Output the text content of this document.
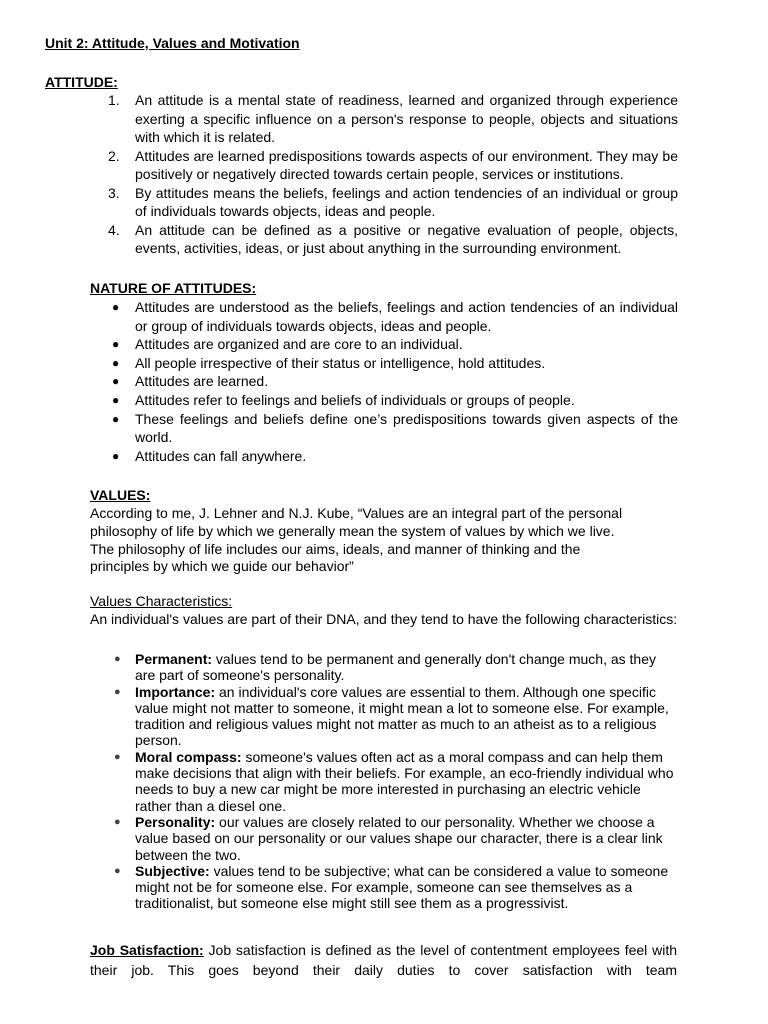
Unit 2: Attitude, Values and Motivation
ATTITUDE:
1. An attitude is a mental state of readiness, learned and organized through experience exerting a specific influence on a person's response to people, objects and situations with which it is related.
2. Attitudes are learned predispositions towards aspects of our environment. They may be positively or negatively directed towards certain people, services or institutions.
3. By attitudes means the beliefs, feelings and action tendencies of an individual or group of individuals towards objects, ideas and people.
4. An attitude can be defined as a positive or negative evaluation of people, objects, events, activities, ideas, or just about anything in the surrounding environment.
NATURE OF ATTITUDES:
● Attitudes are understood as the beliefs, feelings and action tendencies of an individual or group of individuals towards objects, ideas and people.
● Attitudes are organized and are core to an individual.
● All people irrespective of their status or intelligence, hold attitudes.
● Attitudes are learned.
● Attitudes refer to feelings and beliefs of individuals or groups of people.
● These feelings and beliefs define one’s predispositions towards given aspects of the world.
● Attitudes can fall anywhere.
VALUES:

According to me, J. Lehner and N.J. Kube, “Values are an integral part of the personal
philosophy of life by which we generally mean the system of values by which we live.
The philosophy of life includes our aims, ideals, and manner of thinking and the
principles by which we guide our behavior”

Values Characteristics:
An individual's values are part of their DNA, and they tend to have the following characteristics:
● Permanent: values tend to be permanent and generally don't change much, as they are part of someone's personality.
● Importance: an individual's core values are essential to them. Although one specific value might not matter to someone, it might mean a lot to someone else. For example, tradition and religious values might not matter as much to an atheist as to a religious person.
● Moral compass: someone's values often act as a moral compass and can help them make decisions that align with their beliefs. For example, an eco-friendly individual who needs to buy a new car might be more interested in purchasing an electric vehicle rather than a diesel one.
● Personality: our values are closely related to our personality. Whether we choose a value based on our personality or our values shape our character, there is a clear link between the two.
● Subjective: values tend to be subjective; what can be considered a value to someone might not be for someone else. For example, someone can see themselves as a traditionalist, but someone else might still see them as a progressivist.

Job Satisfaction: Job satisfaction is defined as the level of contentment employees feel with their job. This goes beyond their daily duties to cover satisfaction with team
